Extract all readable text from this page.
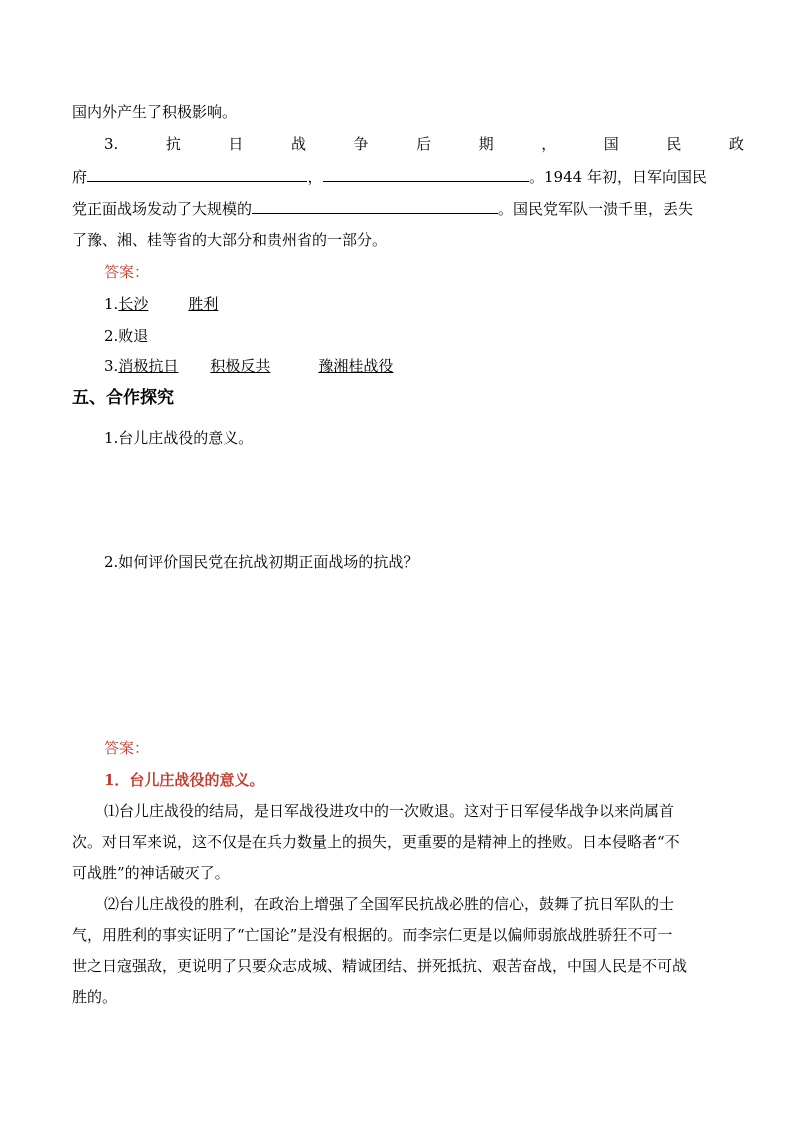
国内外产生了积极影响。
3.	抗	日	战	争	后	期	，	国	民	政
府	，	。1944 年初，日军向国民
党正面战场发动了大规模的	。国民党军队一溃千里，丢失
了豫、湘、桂等省的大部分和贵州省的一部分。
答案：
1.长沙	胜利
2.败退
3.消极抗日 积极反共	豫湘桂战役
五、合作探究
1.台儿庄战役的意义。
2.如何评价国民党在抗战初期正面战场的抗战？
答案：
1．台儿庄战役的意义。
⑴台儿庄战役的结局，是日军战役进攻中的一次败退。这对于日军侵华战争以来尚属首
次。对日军来说，这不仅是在兵力数量上的损失，更重要的是精神上的挫败。日本侵略者“不
可战胜”的神话破灭了。
⑵台儿庄战役的胜利，在政治上增强了全国军民抗战必胜的信心，鼓舞了抗日军队的士
气，用胜利的事实证明了“亡国论”是没有根据的。而李宗仁更是以偏师弱旅战胜骄狂不可一
世之日寇强敌，更说明了只要众志成城、精诚团结、拼死抵抗、艰苦奋战，中国人民是不可战
胜的。
